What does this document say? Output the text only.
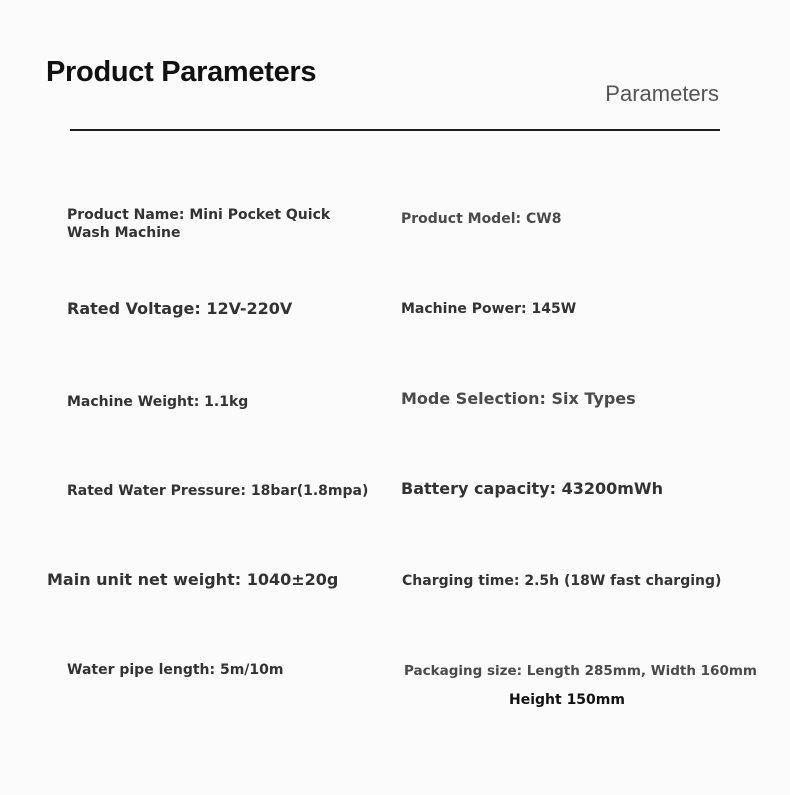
Product Parameters
Parameters
Product Name: Mini Pocket Quick Wash Machine
Rated Voltage: 12V-220V
Machine Weight: 1.1kg
Rated Water Pressure: 18bar(1.8mpa)
Main unit net weight: 1040±20g
Water pipe length: 5m/10m
Product Model: CW8
Machine Power: 145W
Mode Selection: Six Types
Battery capacity: 43200mWh
Charging time: 2.5h (18W fast charging)
Packaging size: Length 285mm, Width 160mm
Height 150mm
